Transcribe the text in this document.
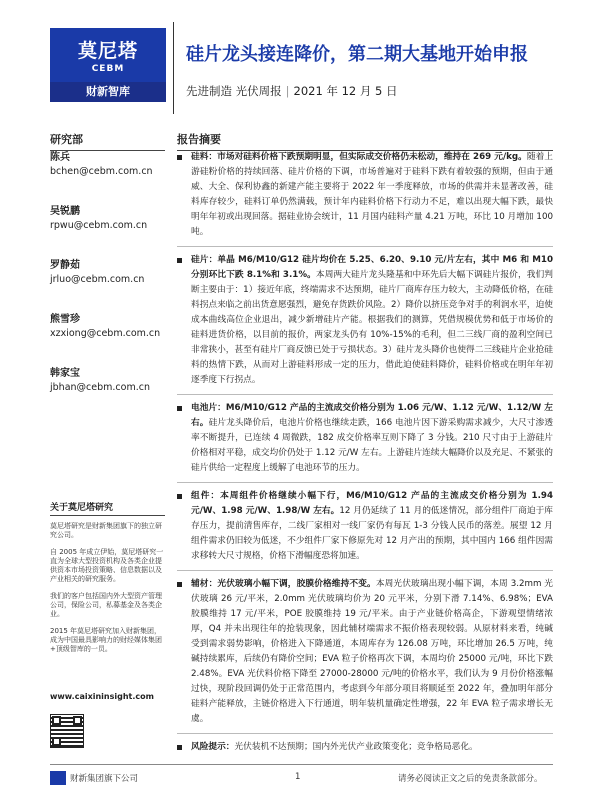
莫尼塔
CEBM
财新智库
硅片龙头接连降价，第二期大基地开始申报
先进制造 光伏周报 | 2021 年 12 月 5 日
研究部	报告摘要
陈兵
bchen@cebm.com.cn
吴锐鹏
rpwu@cebm.com.cn
罗静茹
jrluo@cebm.com.cn
熊雪珍
xzxiong@cebm.com.cn
韩家宝
jbhan@cebm.com.cn
关于莫尼塔研究

莫尼塔研究是财新集团旗下的独立研究公司。

自 2005 年成立伊始，莫尼塔研究一直为全球大型投资机构及各类企业提供资本市场投资策略、信息数据以及产业相关的研究服务。

我们的客户包括国内外大型资产管理公司，保险公司，私募基金及各类企业。

2015 年莫尼塔研究加入财新集团，成为中国最具影响力的财经媒体集团+顶级智库的一员。

www.caixininsight.com
硅料：市场对硅料价格下跌预期明显，但实际成交价格仍未松动，维持在 269 元/kg。随着上游硅粉价格的持续回落、硅片价格的下调，市场普遍对于硅料下跌有着较强的预期，但由于通威、大全、保利协鑫的新建产能主要将于 2022 年一季度释放，市场的供需并未显著改善，硅料库存较少，硅料订单仍然满载，预计年内硅料价格下行动力不足，难以出现大幅下跌，最快明年年初或出现回落。据硅业协会统计，11 月国内硅料产量 4.21 万吨，环比 10 月增加 100 吨。
硅片：单晶 M6/M10/G12 硅片均价在 5.25、6.20、9.10 元/片左右，其中 M6 和 M10 分别环比下跌 8.1%和 3.1%。本周两大硅片龙头隆基和中环先后大幅下调硅片报价，我们判断主要由于：1）接近年底，终端需求不达预期，硅片厂商库存压力较大，主动降低价格，在硅料拐点来临之前出货意愿强烈，避免存货跌价风险。2）降价以挤压竞争对手的利润水平，迫使成本曲线高位企业退出，减少新增硅片产能。根据我们的测算，凭借规模优势和低于市场价的硅料进货价格，以目前的报价，两家龙头仍有 10%-15%的毛利，但二三线厂商的盈利空间已非常狭小，甚至有硅片厂商反馈已处于亏损状态。3）硅片龙头降价也使得二三线硅片企业抢硅料的热情下跌，从而对上游硅料形成一定的压力，借此迫使硅料降价，硅料价格或在明年年初逐季度下行拐点。
电池片：M6/M10/G12 产品的主流成交价格分别为 1.06 元/W、1.12 元/W、1.12/W 左右。硅片龙头降价后，电池片价格也继续走跌，166 电池片因下游采购需求减少，大尺寸渗透率不断提升，已连续 4 周微跌，182 成交价格率互则下降了 3 分钱。210 尺寸由于上游硅片价格相对平稳，成交均价仍处于 1.12 元/W 左右。上游硅片连续大幅降价以及充足、不紧张的硅片供给一定程度上缓解了电池环节的压力。
组件：本周组件价格继续小幅下行，M6/M10/G12 产品的主流成交价格分别为 1.94 元/W、1.98 元/W、1.98/W 左右。12 月仍延续了 11 月的低迷情况，部分组件厂商迫于库存压力，提前清售库存，二线厂家相对一线厂家仍有每瓦 1-3 分钱人民币的落差。展望 12 月组件需求仍旧较为低迷，不少组件厂家下修原先对 12 月产出的预期，其中国内 166 组件因需求移转大尺寸规格，价格下滑幅度恐将加速。
辅材：光伏玻璃小幅下调，胶膜价格维持不变。本周光伏玻璃出现小幅下调，本周 3.2mm 光伏玻璃 26 元/平米，2.0mm 光伏玻璃均价为 20 元平米，分别下滑 7.14%、6.98%；EVA 胶膜维持 17 元/平米，POE 胶膜维持 19 元/平米。由于产业链价格高企，下游观望情绪浓厚，Q4 并未出现往年的抢装现象，因此辅材端需求不振价格表现较弱。从原材料来看，纯碱受到需求弱势影响，价格进入下降通道，本周库存为 126.08 万吨，环比增加 26.5 万吨，纯碱持续累库，后续仍有降价空间；EVA 粒子价格再次下调，本周均价 25000 元/吨，环比下跌 2.48%。EVA 光伏料价格下降至 27000-28000 元/吨的价格水平，我们认为 9 月份价格涨幅过快，现阶段回调仍处于正常范围内，考虑到今年部分项目将顺延至 2022 年，叠加明年部分硅料产能释放，主链价格进入下行通道，明年装机量确定性增强，22 年 EVA 粒子需求增长无虞。
风险提示：光伏装机不达预期；国内外光伏产业政策变化；竞争格局恶化。
财新集团旗下公司	1	请务必阅读正文之后的免责条款部分。
